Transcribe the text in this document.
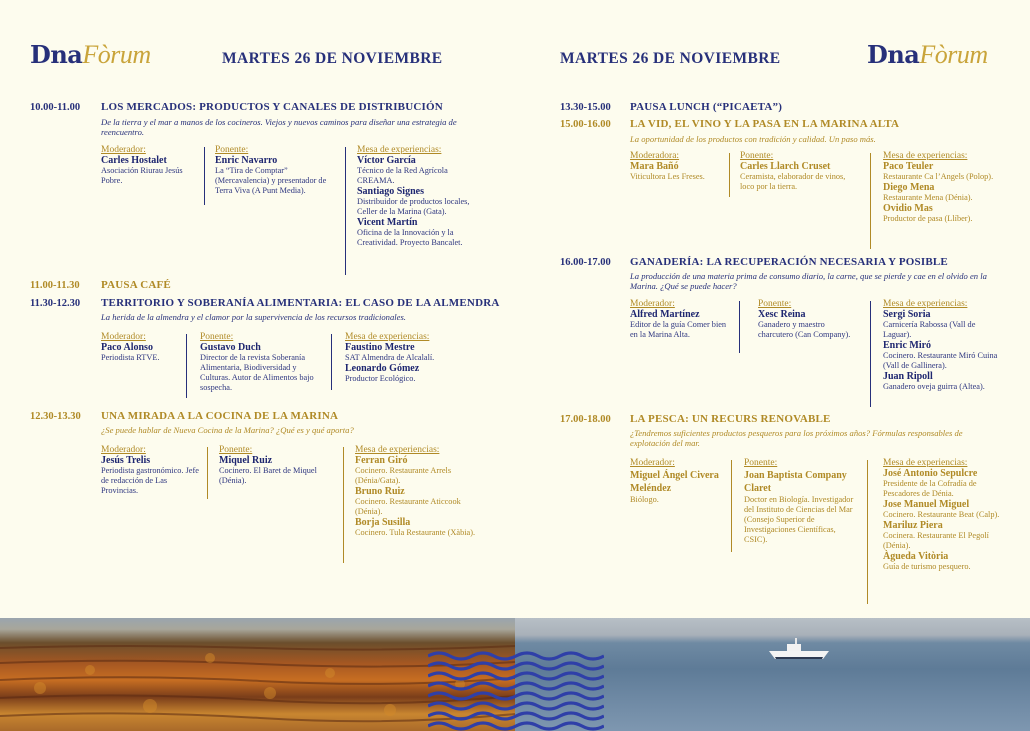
DnaFòrum	MARTES 26 DE NOVIEMBRE
10.00-11.00 LOS MERCADOS: PRODUCTOS Y CANALES DE DISTRIBUCIÓN
De la tierra y el mar a manos de los cocineros. Viejos y nuevos caminos para diseñar una estrategia de reencuentro.
Moderador:
Carles Hostalet
Asociación Riurau Jesús Pobre.
Ponente:
Enric Navarro
La “Tira de Comptar” (Mercavalencia) y presentador de Terra Viva (A Punt Media).
Mesa de experiencias:
Víctor García
Técnico de la Red Agrícola CREAMA.
Santiago Signes
Distribuidor de productos locales, Celler de la Marina (Gata).
Vicent Martín
Oficina de la Innovación y la Creatividad. Proyecto Bancalet.
11.00-11.30 PAUSA CAFÉ
11.30-12.30 TERRITORIO Y SOBERANÍA ALIMENTARIA: EL CASO DE LA ALMENDRA
La herida de la almendra y el clamor por la supervivencia de los recursos tradicionales.
Moderador:
Paco Alonso
Periodista RTVE.
Ponente:
Gustavo Duch
Director de la revista Soberanía Alimentaria, Biodiversidad y Culturas. Autor de Alimentos bajo sospecha.
Mesa de experiencias:
Faustino Mestre
SAT Almendra de Alcalalí.
Leonardo Gómez
Productor Ecológico.
12.30-13.30 UNA MIRADA A LA COCINA DE LA MARINA
¿Se puede hablar de Nueva Cocina de la Marina? ¿Qué es y qué aporta?
Moderador:
Jesús Trelis
Periodista gastronómico. Jefe de redacción de Las Provincias.
Ponente:
Miquel Ruiz
Cocinero. El Baret de Miquel (Dénia).
Mesa de experiencias:
Ferran Giró
Cocinero. Restaurante Arrels (Dénia/Gata).
Bruno Ruiz
Cocinero. Restaurante Aticcook (Dénia).
Borja Susilla
Cocinero. Tula Restaurante (Xàbia).
MARTES 26 DE NOVIEMBRE	DnaFòrum
13.30-15.00 PAUSA LUNCH (“PICAETA”)
15.00-16.00 LA VID, EL VINO Y LA PASA EN LA MARINA ALTA
La oportunidad de los productos con tradición y calidad. Un paso más.
Moderadora:
Mara Bañó
Viticultora Les Freses.
Ponente:
Carles Llarch Cruset
Ceramista, elaborador de vinos, loco por la tierra.
Mesa de experiencias:
Paco Teuler
Restaurante Ca l’Angels (Polop).
Diego Mena
Restaurante Mena (Dénia).
Ovidio Mas
Productor de pasa (Llíber).
16.00-17.00 GANADERÍA: LA RECUPERACIÓN NECESARIA Y POSIBLE
La producción de una materia prima de consumo diario, la carne, que se pierde y cae en el olvido en la Marina. ¿Qué se puede hacer?
Moderador:
Alfred Martínez
Editor de la guía Comer bien en la Marina Alta.
Ponente:
Xesc Reina
Ganadero y maestro charcutero (Can Company).
Mesa de experiencias:
Sergi Soria
Carnicería Rabossa (Vall de Laguar).
Enric Miró
Cocinero. Restaurante Miró Cuina (Vall de Gallinera).
Juan Ripoll
Ganadero oveja guirra (Altea).
17.00-18.00 LA PESCA: UN RECURS RENOVABLE
¿Tendremos suficientes productos pesqueros para los próximos años? Fórmulas responsables de explotación del mar.
Moderador:
Miguel Ángel Civera Meléndez
Biólogo.
Ponente:
Joan Baptista Company Claret
Doctor en Biología. Investigador del Instituto de Ciencias del Mar (Consejo Superior de Investigaciones Científicas, CSIC).
Mesa de experiencias:
José Antonio Sepulcre
Presidente de la Cofradía de Pescadores de Dénia.
Jose Manuel Miguel
Cocinero. Restaurante Beat (Calp).
Mariluz Piera
Cocinera. Restaurante El Pegolí (Dénia).
Àgueda Vitòria
Guía de turismo pesquero.
